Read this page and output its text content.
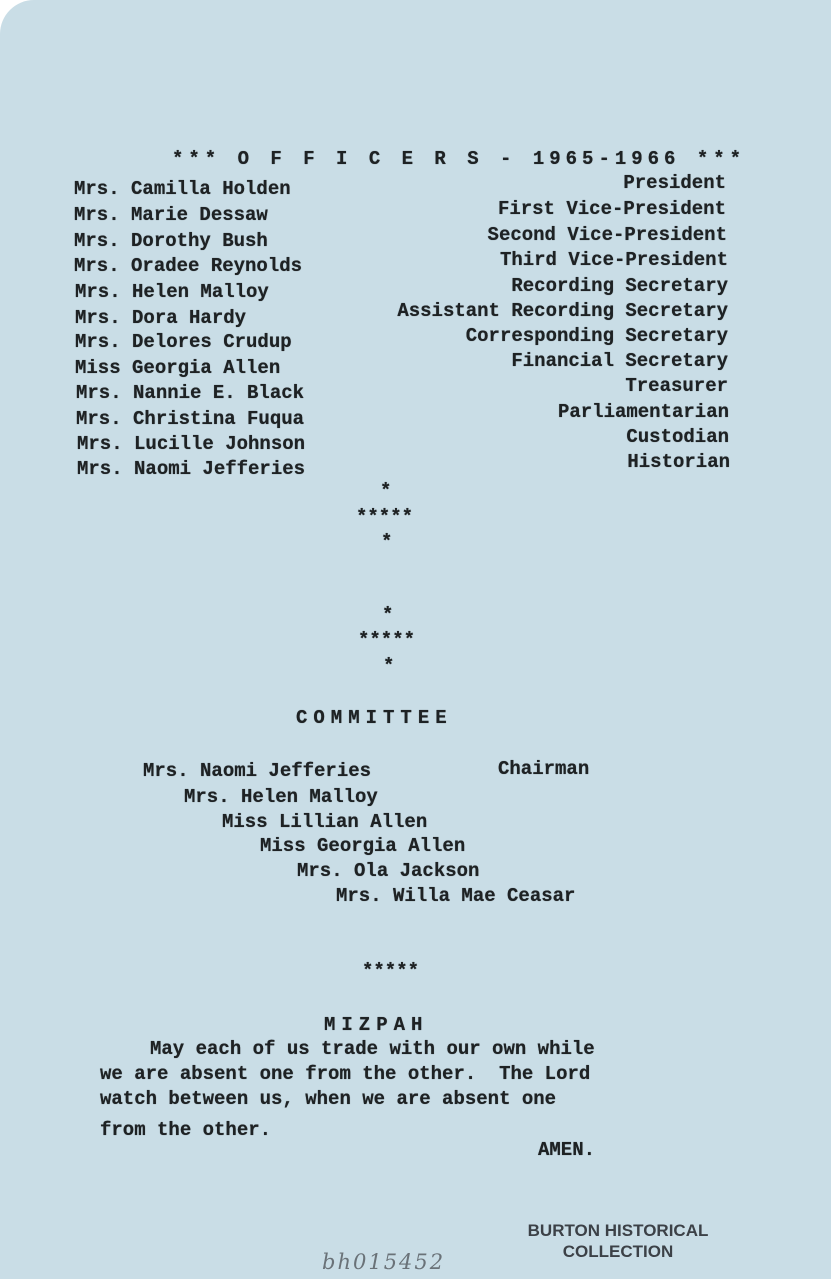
*** O F F I C E R S - 1965-1966 ***
Mrs. Camilla Holden
Mrs. Marie Dessaw
Mrs. Dorothy Bush
Mrs. Oradee Reynolds
Mrs. Helen Malloy
Mrs. Dora Hardy
Mrs. Delores Crudup
Miss Georgia Allen
Mrs. Nannie E. Black
Mrs. Christina Fuqua
Mrs. Lucille Johnson
Mrs. Naomi Jefferies
President
First Vice-President
Second Vice-President
Third Vice-President
Recording Secretary
Assistant Recording Secretary
Corresponding Secretary
Financial Secretary
Treasurer
Parliamentarian
Custodian
Historian
*
*****
*
*
*****
*
COMMITTEE
Mrs. Naomi Jefferies	Chairman
Mrs. Helen Malloy
Miss Lillian Allen
Miss Georgia Allen
Mrs. Ola Jackson
Mrs. Willa Mae Ceasar
*****
MIZPAH
May each of us trade with our own while
we are absent one from the other.  The Lord
watch between us, when we are absent one
from the other.
AMEN.
BURTON HISTORICAL
COLLECTION
bh015452
